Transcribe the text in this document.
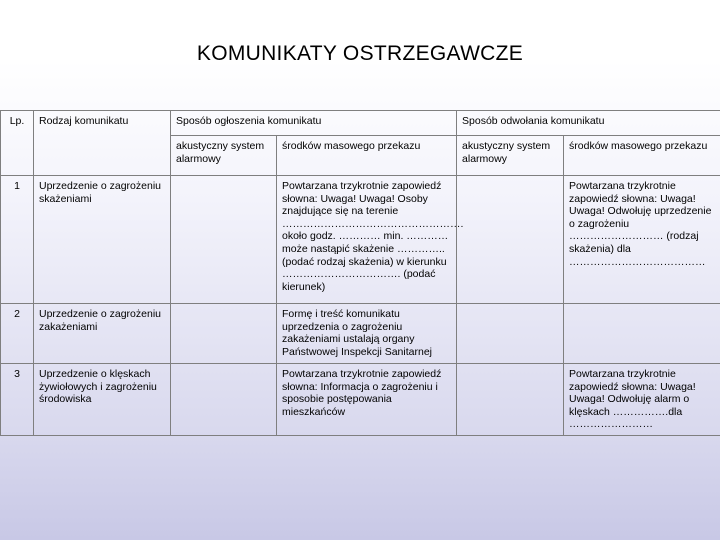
KOMUNIKATY OSTRZEGAWCZE
Lp.	Rodzaj komunikatu	Sposób ogłoszenia komunikatu		Sposób odwołania komunikatu	
		akustyczny system alarmowy	środków masowego przekazu	akustyczny system alarmowy	środków masowego przekazu
1	Uprzedzenie o zagrożeniu skażeniami		Powtarzana trzykrotnie zapowiedź słowna: Uwaga! Uwaga! Osoby znajdujące się na terenie ……………………………………………. około godz. ………… min. ………… może nastąpić skażenie ………….. (podać rodzaj skażenia) w kierunku ……………………………. (podać kierunek)		Powtarzana trzykrotnie zapowiedź słowna: Uwaga! Uwaga! Odwołuję uprzedzenie o zagrożeniu ……………………… (rodzaj skażenia) dla …………………………………
2	Uprzedzenie o zagrożeniu zakażeniami		Formę i treść komunikatu uprzedzenia o zagrożeniu zakażeniami ustalają organy Państwowej Inspekcji Sanitarnej		
3	Uprzedzenie o klęskach żywiołowych i zagrożeniu środowiska		Powtarzana trzykrotnie zapowiedź słowna: Informacja o zagrożeniu i sposobie postępowania mieszkańców		Powtarzana trzykrotnie zapowiedź słowna: Uwaga! Uwaga! Odwołuję alarm o klęskach …………….dla ……………………
